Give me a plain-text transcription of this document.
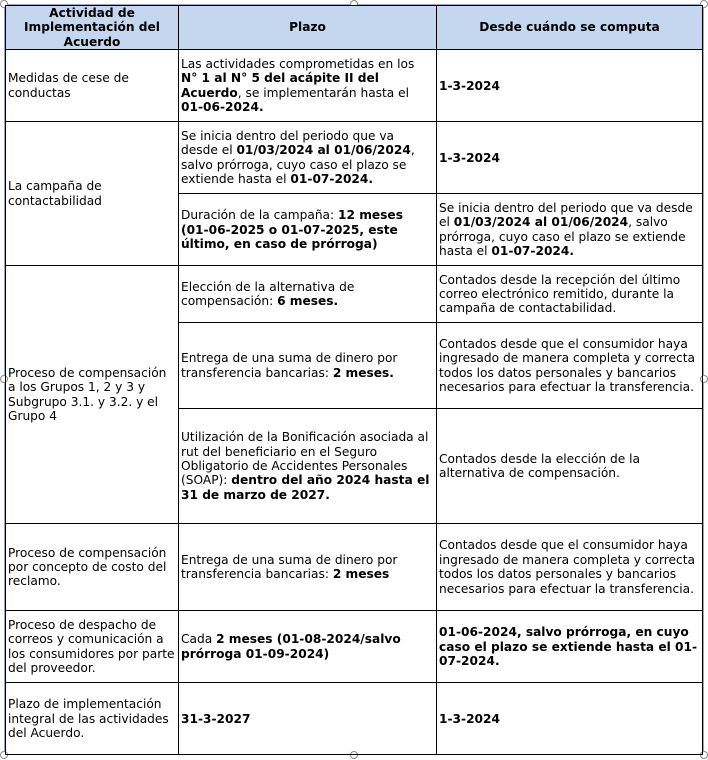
Actividad de Implementación del Acuerdo	Plazo	Desde cuándo se computa
Medidas de cese de conductas	Las actividades comprometidas en los N° 1 al N° 5 del acápite II del Acuerdo, se implementarán hasta el 01-06-2024.	1-3-2024
La campaña de contactabilidad	Se inicia dentro del periodo que va desde el 01/03/2024 al 01/06/2024, salvo prórroga, cuyo caso el plazo se extiende hasta el 01-07-2024.	1-3-2024
	Duración de la campaña: 12 meses (01-06-2025 o 01-07-2025, este último, en caso de prórroga)	Se inicia dentro del periodo que va desde el 01/03/2024 al 01/06/2024, salvo prórroga, cuyo caso el plazo se extiende hasta el 01-07-2024.
Proceso de compensación a los Grupos 1, 2 y 3 y Subgrupo 3.1. y 3.2. y el Grupo 4	Elección de la alternativa de compensación: 6 meses.	Contados desde la recepción del último correo electrónico remitido, durante la campaña de contactabilidad.
	Entrega de una suma de dinero por transferencia bancarias: 2 meses.	Contados desde que el consumidor haya ingresado de manera completa y correcta todos los datos personales y bancarios necesarios para efectuar la transferencia.
	Utilización de la Bonificación asociada al rut del beneficiario en el Seguro Obligatorio de Accidentes Personales (SOAP): dentro del año 2024 hasta el 31 de marzo de 2027.	Contados desde la elección de la alternativa de compensación.
Proceso de compensación por concepto de costo del reclamo.	Entrega de una suma de dinero por transferencia bancarias: 2 meses	Contados desde que el consumidor haya ingresado de manera completa y correcta todos los datos personales y bancarios necesarios para efectuar la transferencia.
Proceso de despacho de correos y comunicación a los consumidores por parte del proveedor.	Cada 2 meses (01-08-2024/salvo prórroga 01-09-2024)	01-06-2024, salvo prórroga, en cuyo caso el plazo se extiende hasta el 01-07-2024.
Plazo de implementación integral de las actividades del Acuerdo.	31-3-2027	1-3-2024
